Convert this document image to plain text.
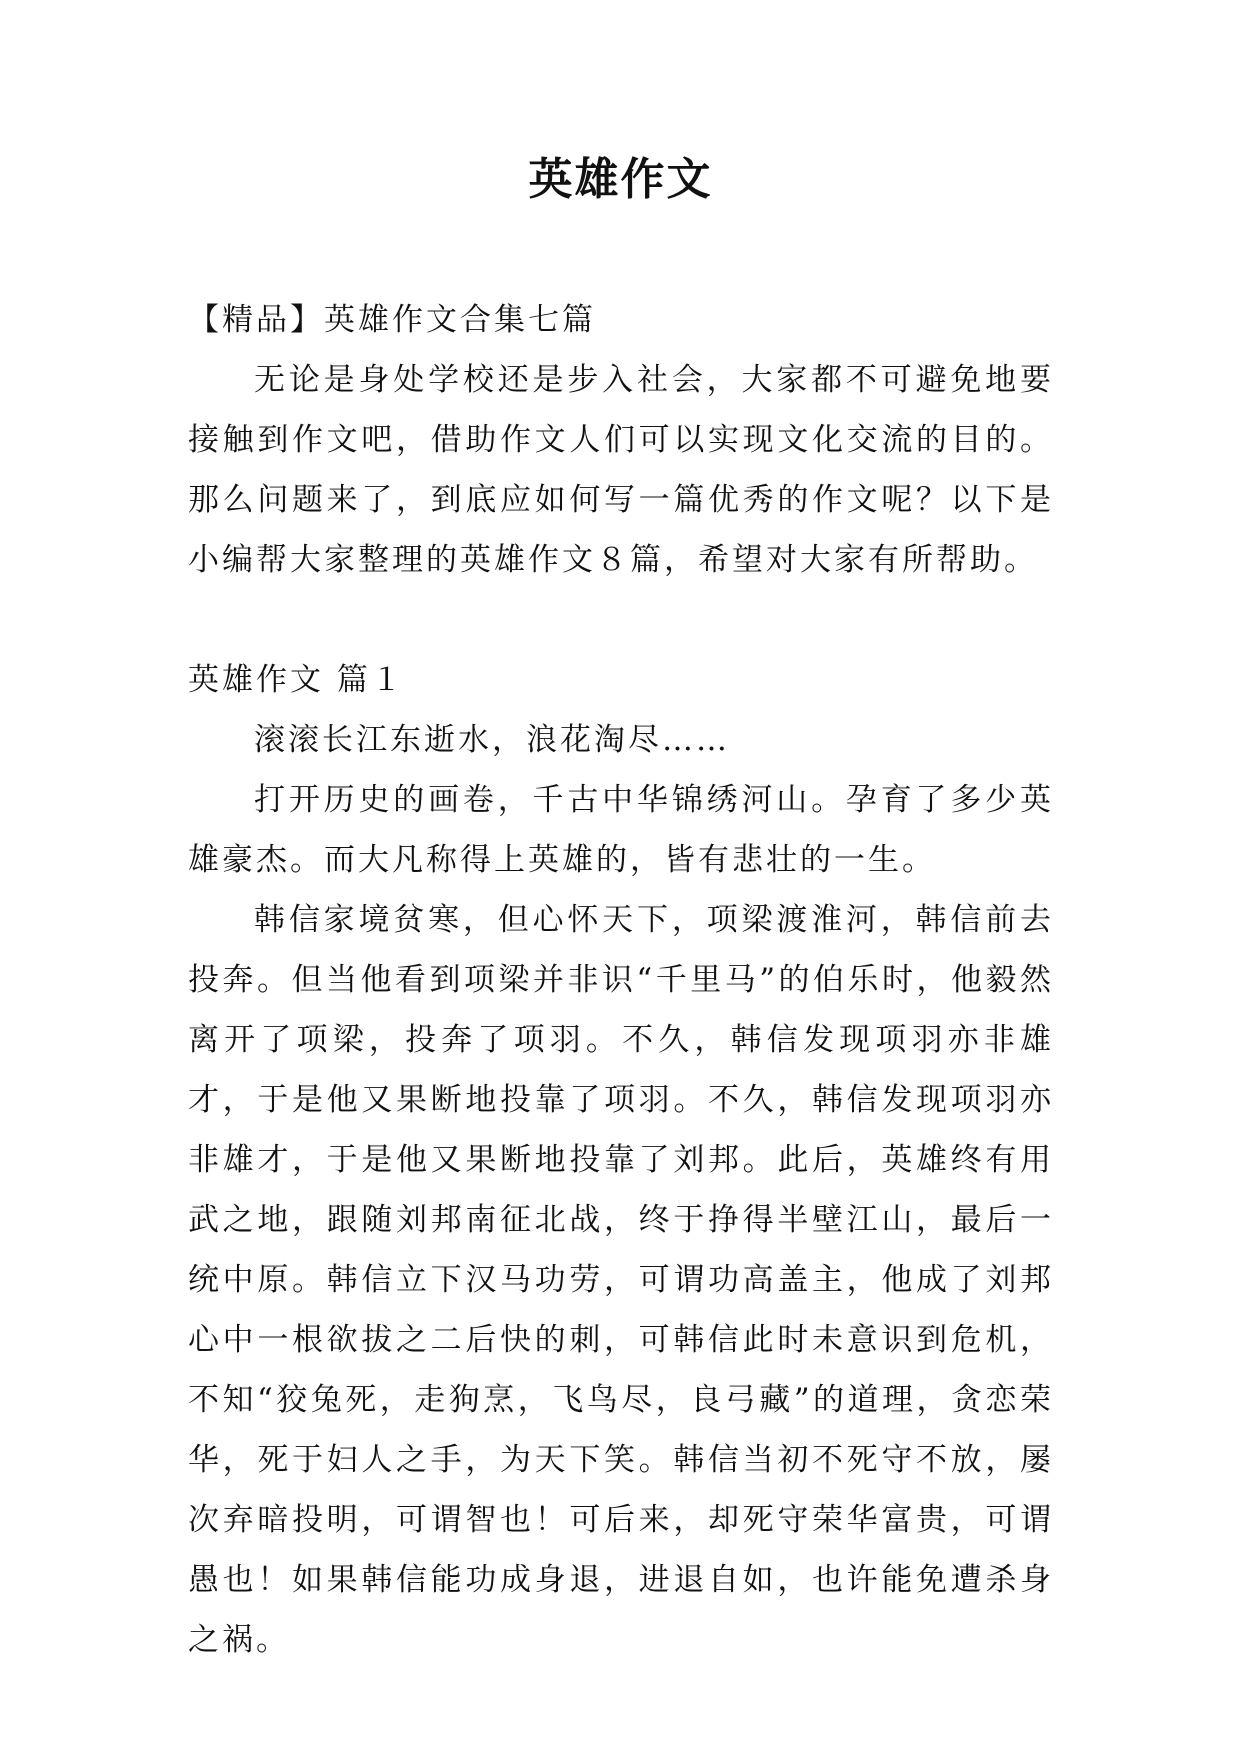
英雄作文

【精品】英雄作文合集七篇

无论是身处学校还是步入社会，大家都不可避免地要接触到作文吧，借助作文人们可以实现文化交流的目的。那么问题来了，到底应如何写一篇优秀的作文呢？以下是小编帮大家整理的英雄作文８篇，希望对大家有所帮助。

英雄作文 篇１

滚滚长江东逝水，浪花淘尽……

打开历史的画卷，千古中华锦绣河山。孕育了多少英雄豪杰。而大凡称得上英雄的，皆有悲壮的一生。

韩信家境贫寒，但心怀天下，项梁渡淮河，韩信前去投奔。但当他看到项梁并非识“千里马”的伯乐时，他毅然离开了项梁，投奔了项羽。不久，韩信发现项羽亦非雄才，于是他又果断地投靠了项羽。不久，韩信发现项羽亦非雄才，于是他又果断地投靠了刘邦。此后，英雄终有用武之地，跟随刘邦南征北战，终于挣得半壁江山，最后一统中原。韩信立下汉马功劳，可谓功高盖主，他成了刘邦心中一根欲拔之二后快的刺，可韩信此时未意识到危机，不知“狡兔死，走狗烹，飞鸟尽，良弓藏”的道理，贪恋荣华，死于妇人之手，为天下笑。韩信当初不死守不放，屡次弃暗投明，可谓智也！可后来，却死守荣华富贵，可谓愚也！如果韩信能功成身退，进退自如，也许能免遭杀身之祸。
